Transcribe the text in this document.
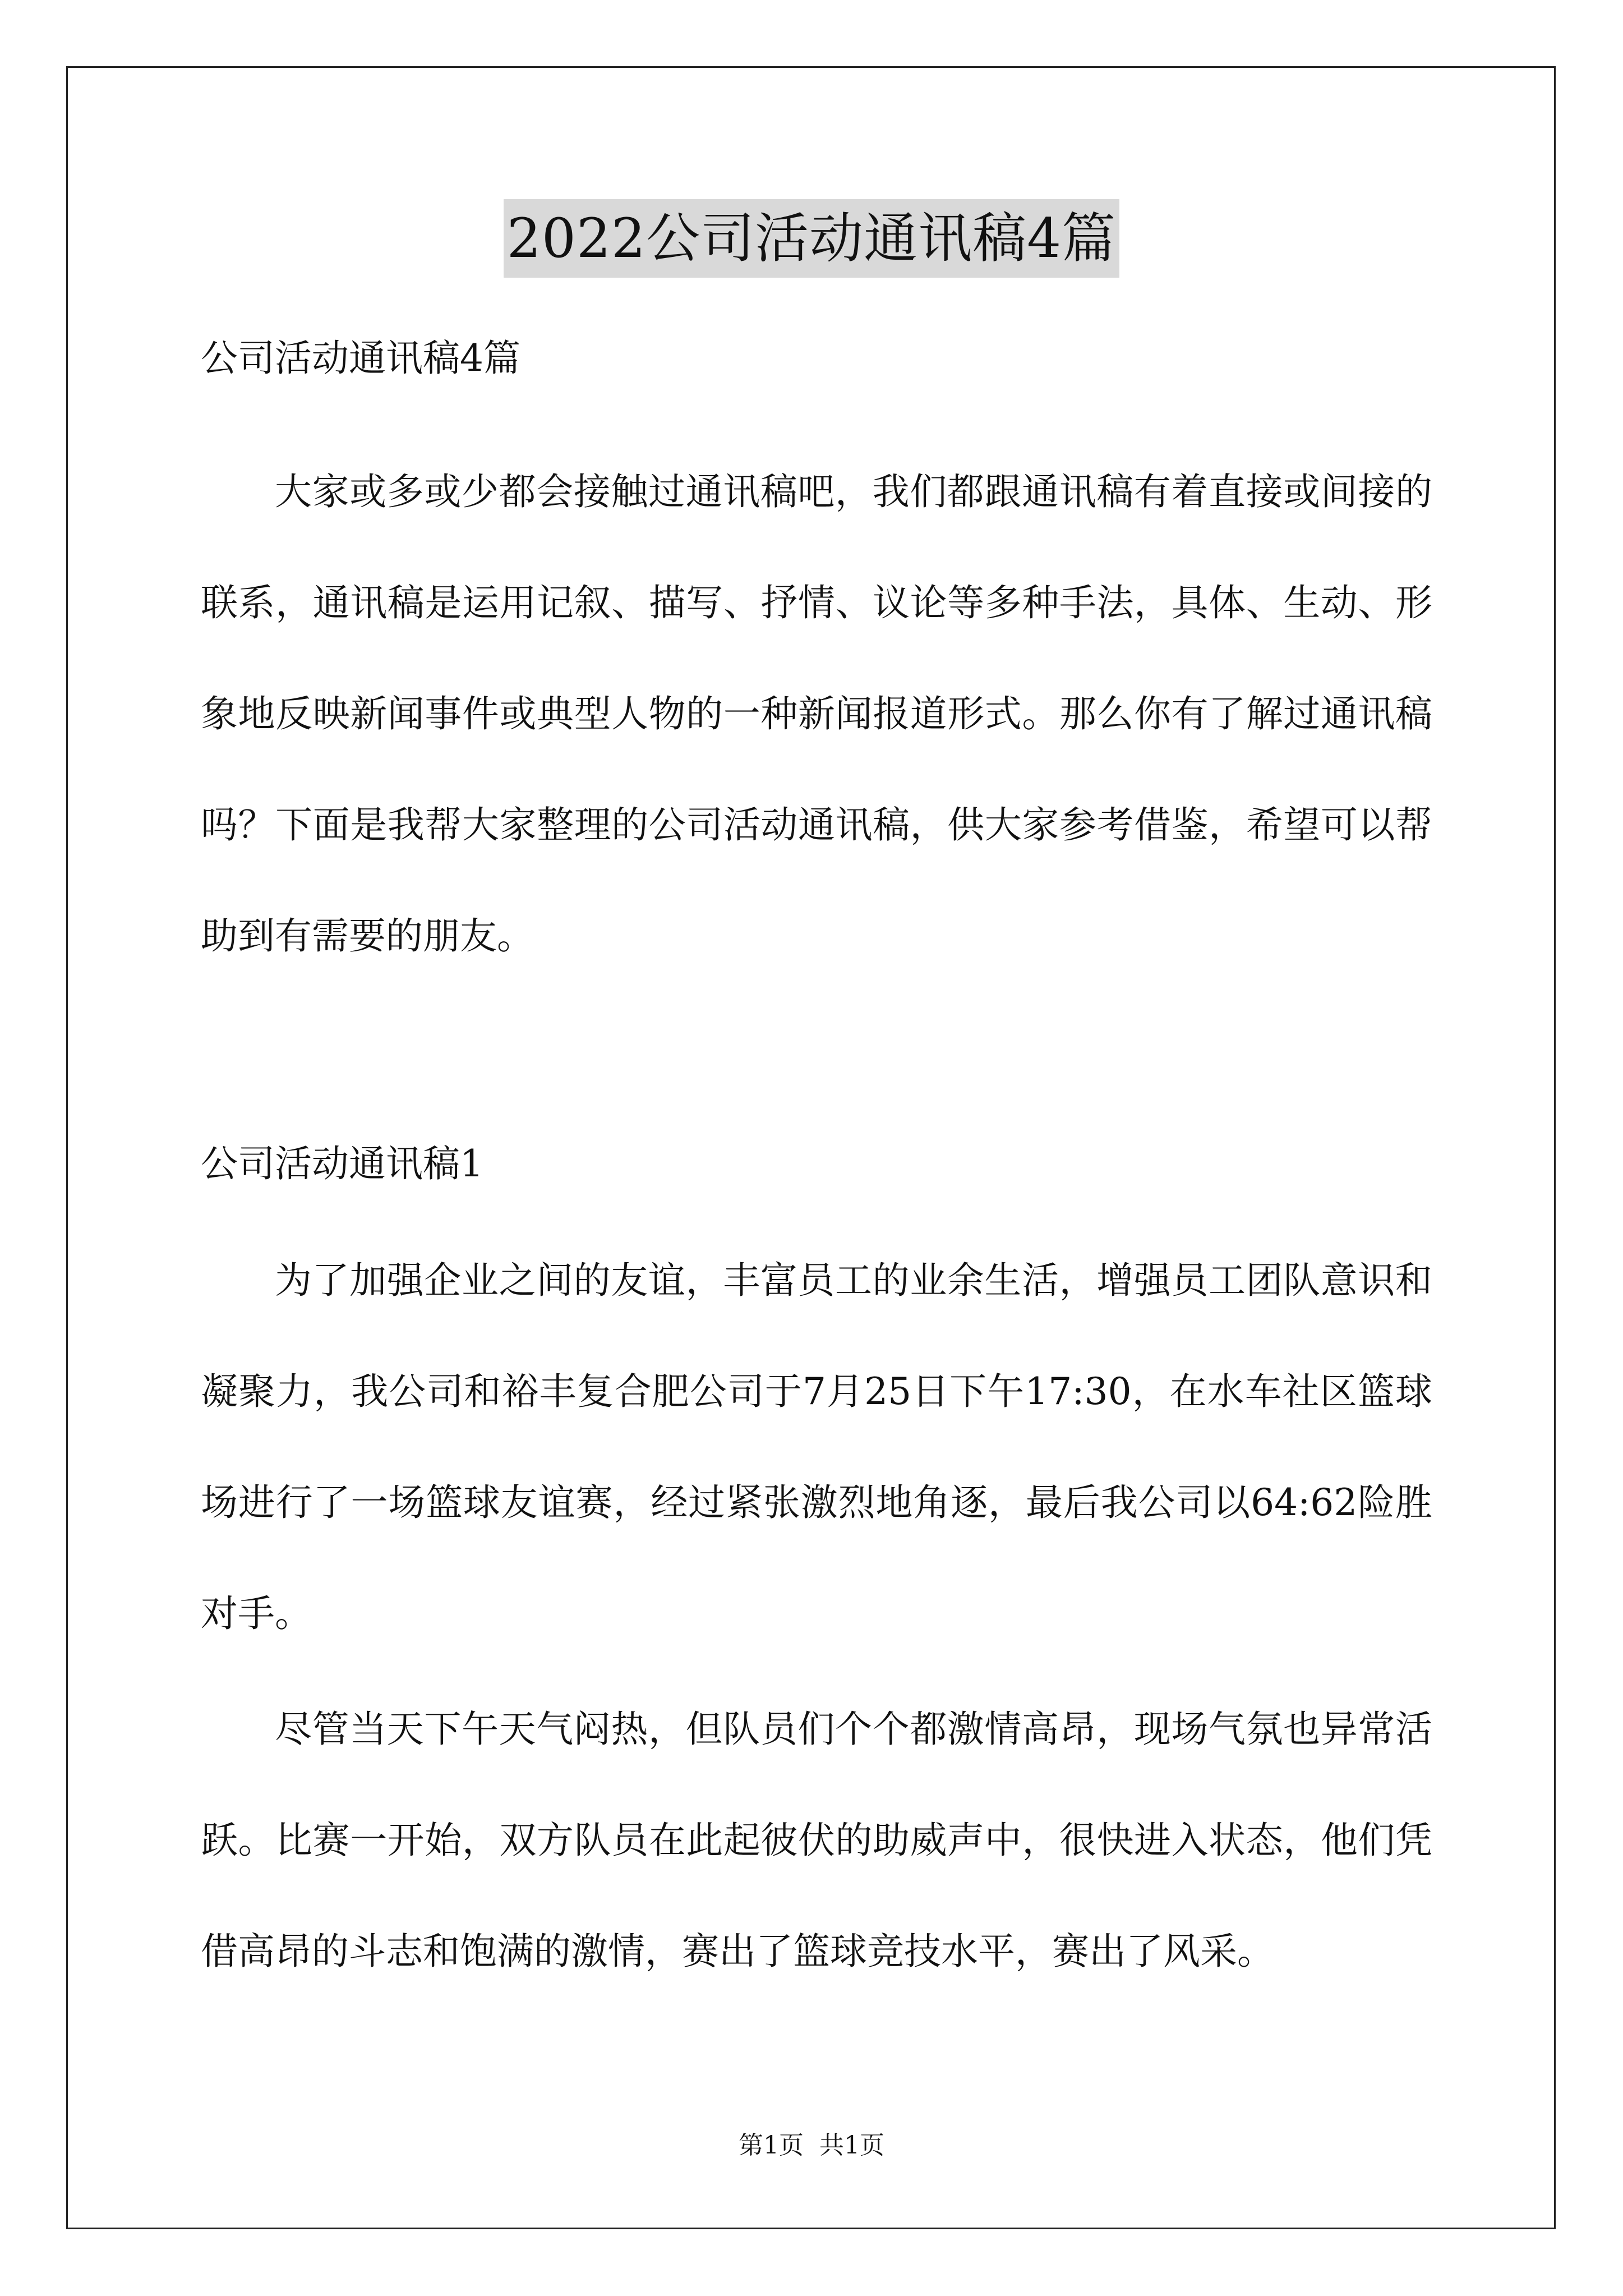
2022公司活动通讯稿4篇

公司活动通讯稿4篇

大家或多或少都会接触过通讯稿吧，我们都跟通讯稿有着直接或间接的联系，通讯稿是运用记叙、描写、抒情、议论等多种手法，具体、生动、形象地反映新闻事件或典型人物的一种新闻报道形式。那么你有了解过通讯稿吗？下面是我帮大家整理的公司活动通讯稿，供大家参考借鉴，希望可以帮助到有需要的朋友。

公司活动通讯稿1

为了加强企业之间的友谊，丰富员工的业余生活，增强员工团队意识和凝聚力，我公司和裕丰复合肥公司于7月25日下午17:30，在水车社区篮球场进行了一场篮球友谊赛，经过紧张激烈地角逐，最后我公司以64:62险胜对手。

尽管当天下午天气闷热，但队员们个个都激情高昂，现场气氛也异常活跃。比赛一开始，双方队员在此起彼伏的助威声中，很快进入状态，他们凭借高昂的斗志和饱满的激情，赛出了篮球竞技水平，赛出了风采。

第1页 共1页
